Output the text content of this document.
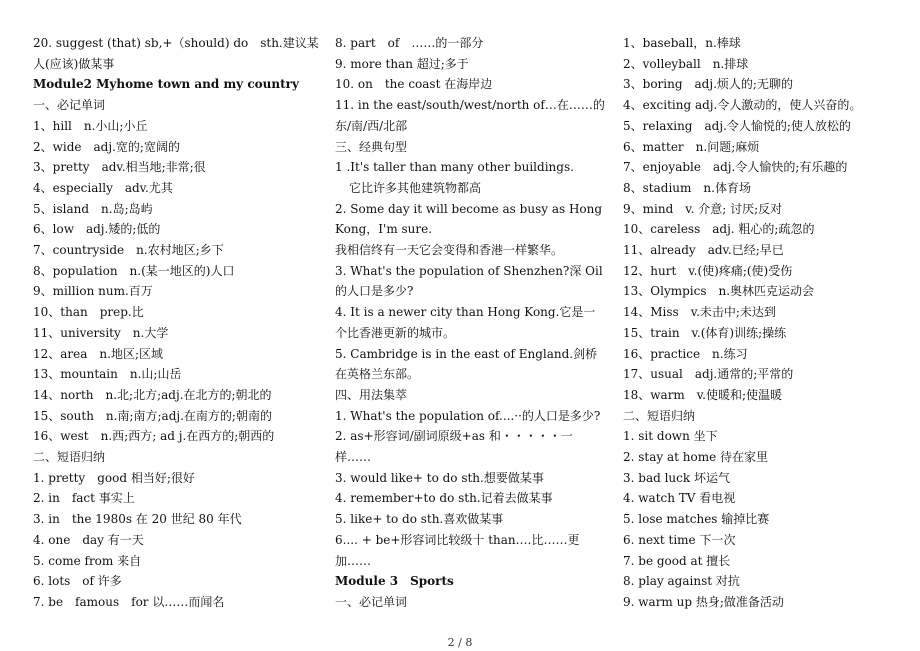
20. suggest (that) sb,+（should) do　sth.建议某人(应该)做某事
Module2 Myhome town and my country
一、必记单词
1、hill　n.小山;小丘
2、wide　adj.宽的;宽阔的
3、pretty　adv.相当地;非常;很
4、especially　adv.尤其
5、island　n.岛;岛屿
6、low　adj.矮的;低的
7、countryside　n.农村地区;乡下
8、population　n.(某一地区的)人口
9、million num.百万
10、than　prep.比
11、university　n.大学
12、area　n.地区;区域
13、mountain　n.山;山岳
14、north　n.北;北方;adj.在北方的;朝北的
15、south　n.南;南方;adj.在南方的;朝南的
16、west　n.西;西方; ad j.在西方的;朝西的
二、短语归纳
1. pretty　good 相当好;很好
2. in　fact 事实上
3. in　the 1980s 在 20 世纪 80 年代
4. one　day 有一天
5. come from 来自
6. lots　of 许多
7. be　famous　for 以……而闻名
8. part　of　……的一部分
9. more than 超过;多于
10. on　the coast 在海岸边
11. in the east/south/west/north of…在……的东/南/西/北部
三、经典句型
1 .It's taller than many other buildings.
它比许多其他建筑物都高
2. Some day it will become as busy as Hong Kong，I'm sure.
我相信终有一天它会变得和香港一样繁华。
3. What's the population of Shenzhen?深 Oil 的人口是多少?
4. It is a newer city than Hong Kong.它是一个比香港更新的城市。
5. Cambridge is in the east of England.剑桥在英格兰东部。
四、用法集萃
1. What's the population of....··的人口是多少?
2. as+形容词/副词原级+as 和・・・・・一样……
3. would like+ to do sth.想要做某事
4. remember+to do sth.记着去做某事
5. like+ to do sth.喜欢做某事
6.... + be+形容词比较级十 than.…比……更加……
Module 3　Sports
一、必记单词
1、baseball，n.棒球
2、volleyball　n.排球
3、boring　adj.烦人的;无聊的
4、exciting adj.令人激动的，使人兴奋的。
5、relaxing　adj.令人愉悦的;使人放松的
6、matter　n.问题;麻烦
7、enjoyable　adj.令人愉快的;有乐趣的
8、stadium　n.体育场
9、mind　v. 介意; 讨厌;反对
10、careless　adj. 粗心的;疏忽的
11、already　adv.已经;早已
12、hurt　v.(使)疼痛;(使)受伤
13、Olympics　n.奥林匹克运动会
14、Miss　v.未击中;未达到
15、train　v.(体育)训练;操练
16、practice　n.练习
17、usual　adj.通常的;平常的
18、warm　v.使暖和;使温暖
二、短语归纳
1. sit down 坐下
2. stay at home 待在家里
3. bad luck 坏运气
4. watch TV 看电视
5. lose matches 输掉比赛
6. next time 下一次
7. be good at 擅长
8. play against 对抗
9. warm up 热身;做准备活动
2 / 8
